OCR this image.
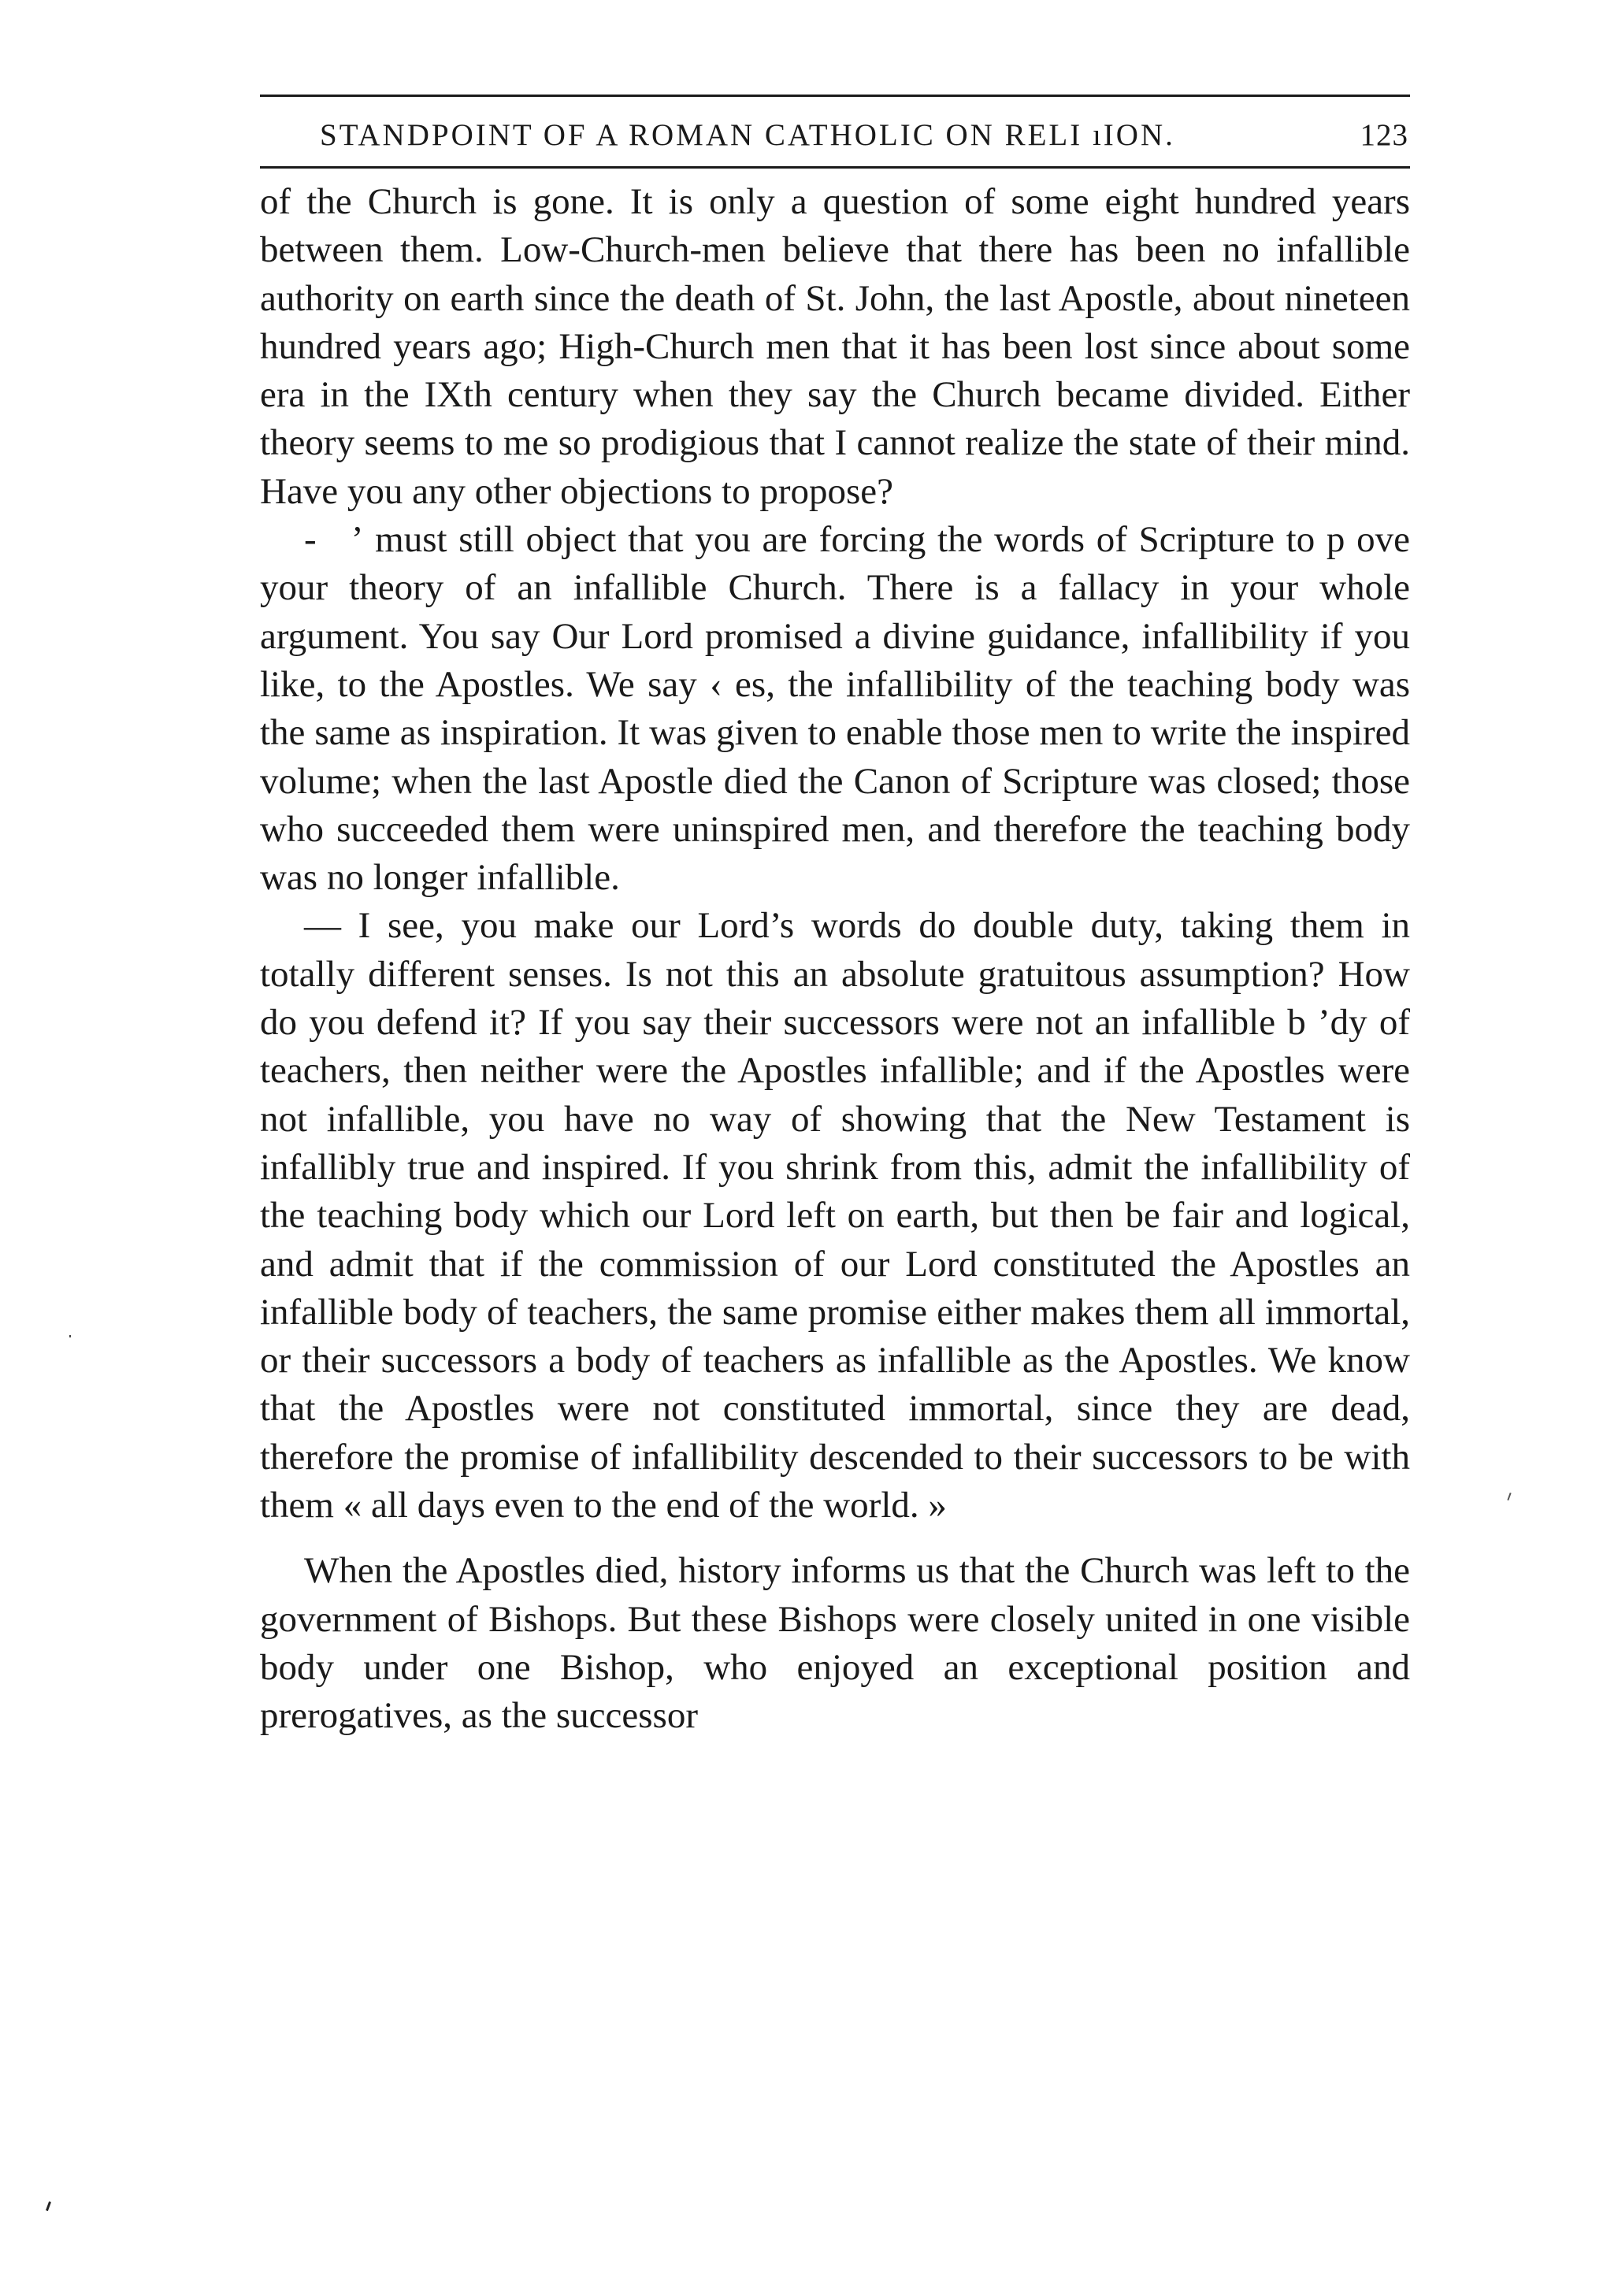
STANDPOINT OF A ROMAN CATHOLIC ON RELI ıION.	123

of the Church is gone. It is only a question of some eight hundred years between them. Low-Church-men believe that there has been no infallible authority on earth since the death of St. John, the last Apostle, about nineteen hundred years ago; High-Church men that it has been lost since about some era in the IXth century when they say the Church became divided. Either theory seems to me so prodigious that I cannot realize the state of their mind. Have you any other objections to propose?

-   ʼ must still object that you are forcing the words of Scripture to p ove your theory of an infallible Church. There is a fallacy in your whole argument. You say Our Lord promised a divine guidance, infallibility if you like, to the Apostles. We say ‹ es, the infallibility of the teaching body was the same as inspiration. It was given to enable those men to write the inspired volume; when the last Apostle died the Canon of Scripture was closed; those who succeeded them were uninspired men, and therefore the teaching body was no longer infallible.

— I see, you make our Lord’s words do double duty, taking them in totally different senses. Is not this an absolute gratuitous assumption? How do you defend it? If you say their successors were not an infallible b ’dy of teachers, then neither were the Apostles infallible; and if the Apostles were not infallible, you have no way of showing that the New Testament is infallibly true and inspired. If you shrink from this, admit the infallibility of the teaching body which our Lord left on earth, but then be fair and logical, and admit that if the commission of our Lord constituted the Apostles an infallible body of teachers, the same promise either makes them all immortal, or their successors a body of teachers as infallible as the Apostles. We know that the Apostles were not constituted immortal, since they are dead, therefore the promise of infallibility descended to their successors to be with them « all days even to the end of the world. »

When the Apostles died, history informs us that the Church was left to the government of Bishops. But these Bishops were closely united in one visible body under one Bishop, who enjoyed an exceptional position and prerogatives, as the successor
